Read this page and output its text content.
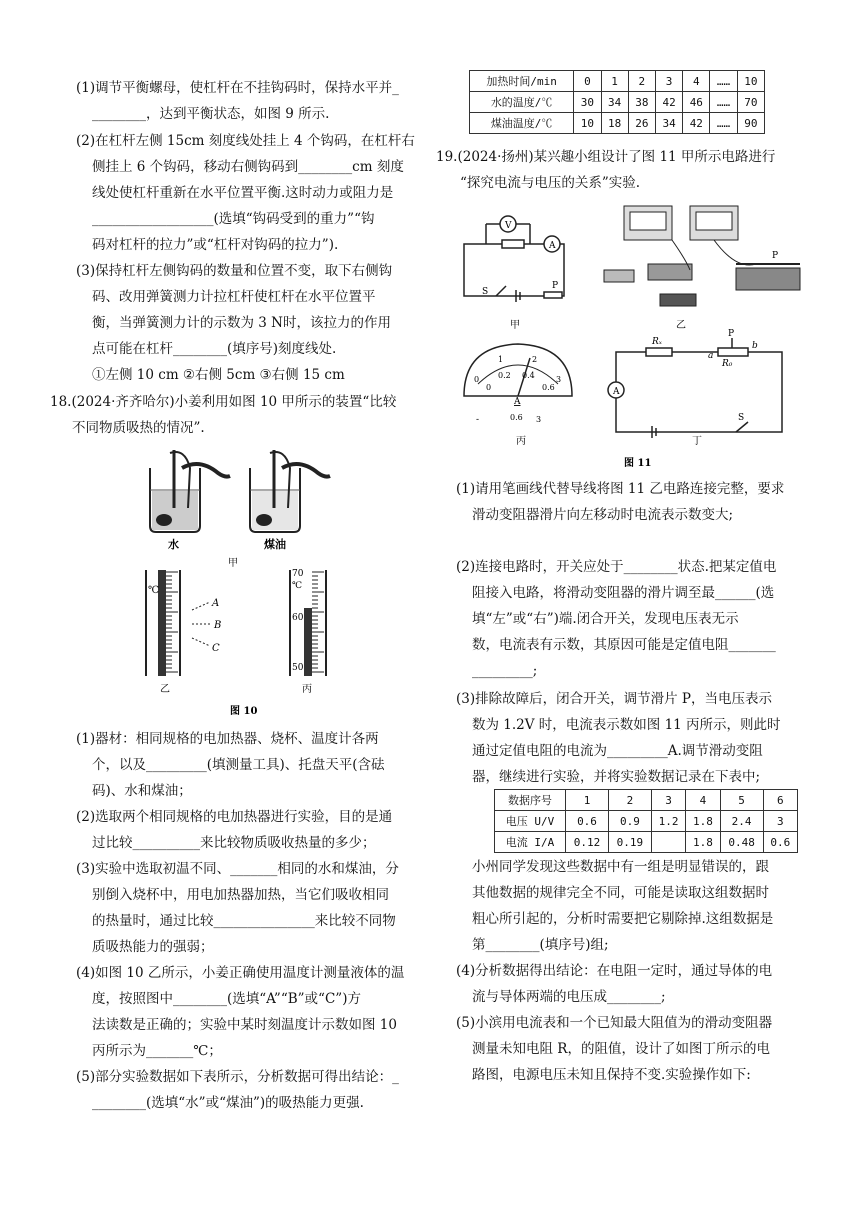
(1)调节平衡螺母，使杠杆在不挂钩码时，保持水平并_
________，达到平衡状态，如图 9 所示.
(2)在杠杆左侧 15cm 刻度线处挂上 4 个钩码，在杠杆右
侧挂上 6 个钩码，移动右侧钩码到________cm 刻度
线处使杠杆重新在水平位置平衡.这时动力或阻力是
__________________(选填“钩码受到的重力”“钩
码对杠杆的拉力”或“杠杆对钩码的拉力”).
(3)保持杠杆左侧钩码的数量和位置不变，取下右侧钩
码、改用弹簧测力计拉杠杆使杠杆在水平位置平
衡，当弹簧测力计的示数为 3 N时，该拉力的作用
点可能在杠杆________(填序号)刻度线处.
①左侧 10 cm ②右侧 5cm ③右侧 15 cm
18.(2024·齐齐哈尔)小姜利用如图 10 甲所示的装置“比较
不同物质吸热的情况”.
水	煤油
甲
℃
A
B
C
乙
70
℃
60
50
丙
图 10
(1)器材：相同规格的电加热器、烧杯、温度计各两
个，以及_________(填测量工具)、托盘天平(含砝
码)、水和煤油；
(2)选取两个相同规格的电加热器进行实验，目的是通
过比较__________来比较物质吸收热量的多少；
(3)实验中选取初温不同、_______相同的水和煤油，分
别倒入烧杯中，用电加热器加热，当它们吸收相同
的热量时，通过比较_______________来比较不同物
质吸热能力的强弱；
(4)如图 10 乙所示，小姜正确使用温度计测量液体的温
度，按照图中________(选填“A”“B”或“C”)方
法读数是正确的；实验中某时刻温度计示数如图 10
丙所示为_______℃；
(5)部分实验数据如下表所示，分析数据可得出结论：_
________(选填“水”或“煤油”)的吸热能力更强.
加热时间/min	0	1	2	3	4	……	10
水的温度/℃	30	34	38	42	46	……	70
煤油温度/℃	10	18	26	34	42	……	90
19.(2024·扬州)某兴趣小组设计了图 11 甲所示电路进行
“探究电流与电压的关系”实验.
V
A
S
P
甲
P
乙
0
1	2
3
0
0.2 0.4
0.6
A
-	0.6 3
丙
P
Rₓ
R₀
a
b
A
S
丁
图 11
(1)请用笔画线代替导线将图 11 乙电路连接完整，要求
滑动变阻器滑片向左移动时电流表示数变大;
(2)连接电路时，开关应处于________状态.把某定值电
阻接入电路，将滑动变阻器的滑片调至最______(选
填“左”或“右”)端.闭合开关，发现电压表无示
数，电流表有示数，其原因可能是定值电阻_______
_________;
(3)排除故障后，闭合开关，调节滑片 P，当电压表示
数为 1.2V 时，电流表示数如图 11 丙所示，则此时
通过定值电阻的电流为_________A.调节滑动变阻
器，继续进行实验，并将实验数据记录在下表中;
数据序号	1	2	3	4	5	6
电压 U/V	0.6	0.9	1.2	1.8	2.4	3
电流 I/A	0.12	0.19		1.8	0.48	0.6
小州同学发现这些数据中有一组是明显错误的，跟
其他数据的规律完全不同，可能是读取这组数据时
粗心所引起的，分析时需要把它剔除掉.这组数据是
第________(填序号)组;
(4)分析数据得出结论：在电阻一定时，通过导体的电
流与导体两端的电压成________;
(5)小滨用电流表和一个已知最大阻值为的滑动变阻器
测量未知电阻 R，的阻值，设计了如图丁所示的电
路图，电源电压未知且保持不变.实验操作如下:
